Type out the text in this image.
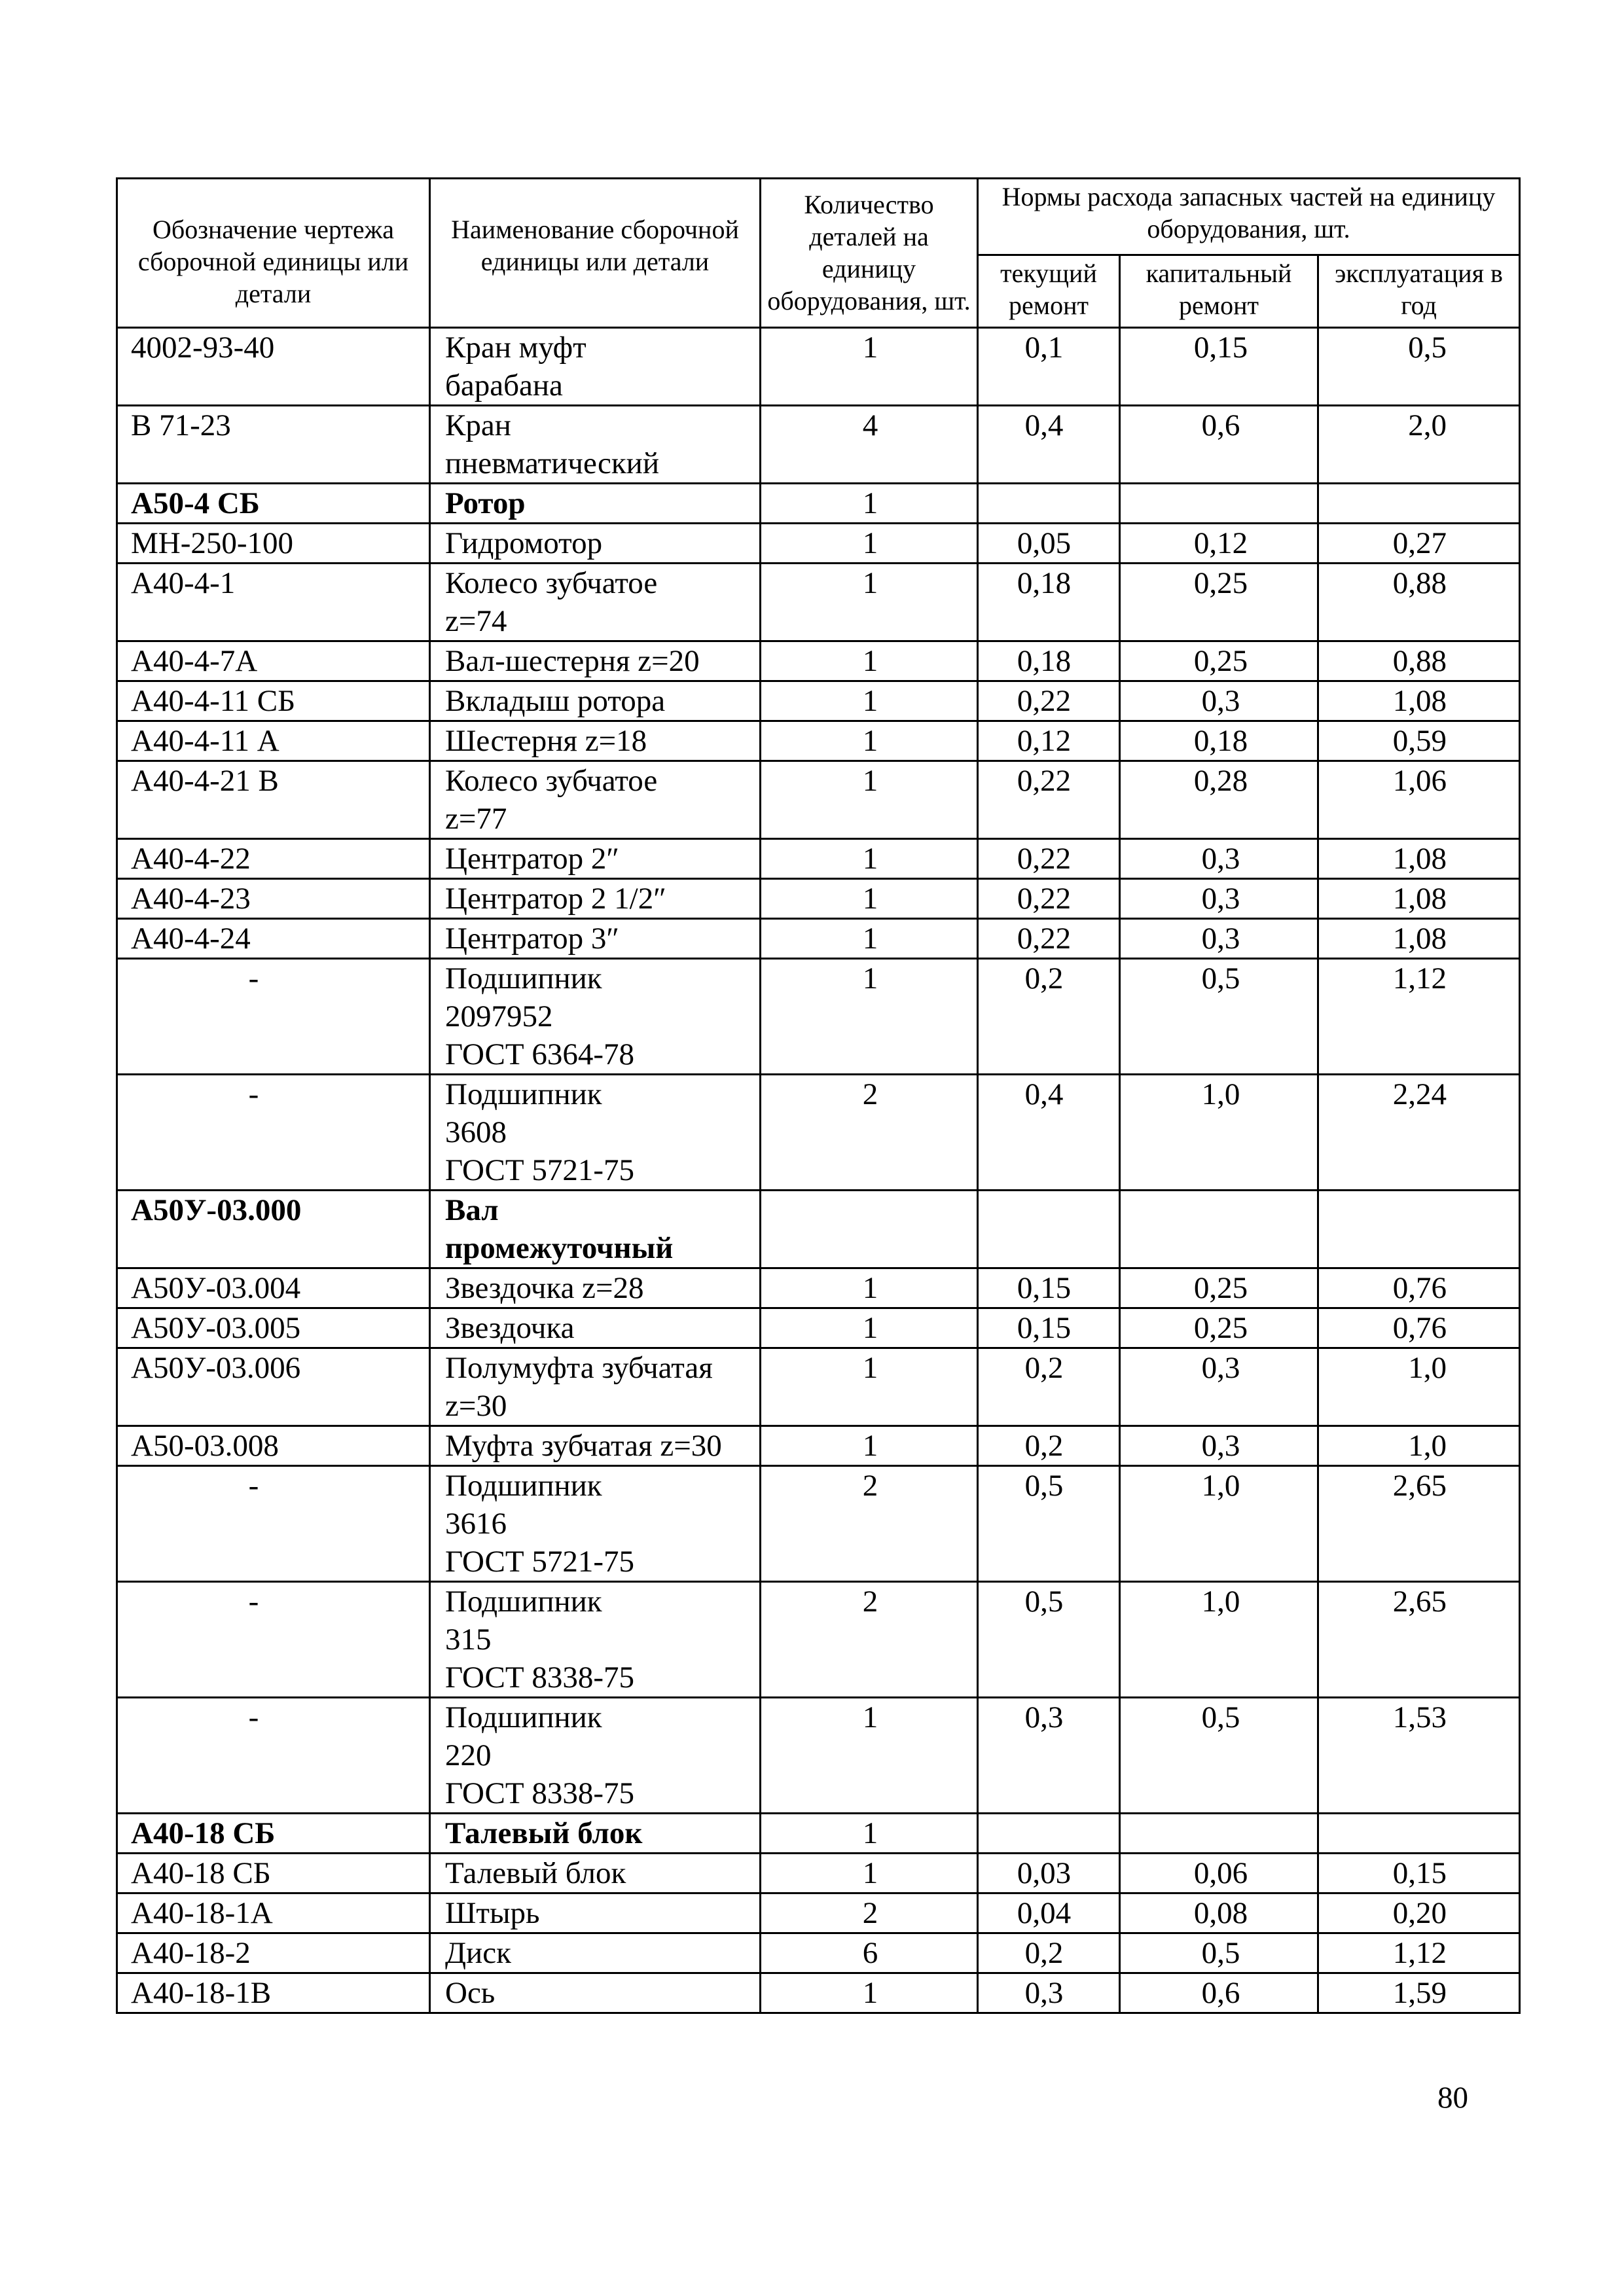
Обозначение чертежа сборочной единицы или детали	Наименование сборочной единицы или детали	Количество деталей на единицу оборудования, шт.	Нормы расхода запасных частей на единицу оборудования, шт.		
			текущий ремонт	капитальный ремонт	эксплуатация в год
4002-93-40	Кран муфт
барабана	1	0,1	0,15	0,5
В 71-23	Кран
пневматический	4	0,4	0,6	2,0
А50-4 СБ	Ротор	1			
МН-250-100	Гидромотор	1	0,05	0,12	0,27
А40-4-1	Колесо зубчатое
z=74	1	0,18	0,25	0,88
А40-4-7А	Вал-шестерня z=20	1	0,18	0,25	0,88
А40-4-11 СБ	Вкладыш ротора	1	0,22	0,3	1,08
А40-4-11 А	Шестерня z=18	1	0,12	0,18	0,59
А40-4-21 В	Колесо зубчатое
z=77	1	0,22	0,28	1,06
А40-4-22	Центратор 2″	1	0,22	0,3	1,08
А40-4-23	Центратор 2 1/2″	1	0,22	0,3	1,08
А40-4-24	Центратор 3″	1	0,22	0,3	1,08
-	Подшипник
2097952
ГОСТ 6364-78	1	0,2	0,5	1,12
-	Подшипник
3608
ГОСТ 5721-75	2	0,4	1,0	2,24
А50У-03.000	Вал
промежуточный				
А50У-03.004	Звездочка z=28	1	0,15	0,25	0,76
А50У-03.005	Звездочка	1	0,15	0,25	0,76
А50У-03.006	Полумуфта зубчатая
z=30	1	0,2	0,3	1,0
А50-03.008	Муфта зубчатая z=30	1	0,2	0,3	1,0
-	Подшипник
3616
ГОСТ 5721-75	2	0,5	1,0	2,65
-	Подшипник
315
ГОСТ 8338-75	2	0,5	1,0	2,65
-	Подшипник
220
ГОСТ 8338-75	1	0,3	0,5	1,53
А40-18 СБ	Талевый блок	1			
А40-18 СБ	Талевый блок	1	0,03	0,06	0,15
А40-18-1А	Штырь	2	0,04	0,08	0,20
А40-18-2	Диск	6	0,2	0,5	1,12
А40-18-1В	Ось	1	0,3	0,6	1,59
80
